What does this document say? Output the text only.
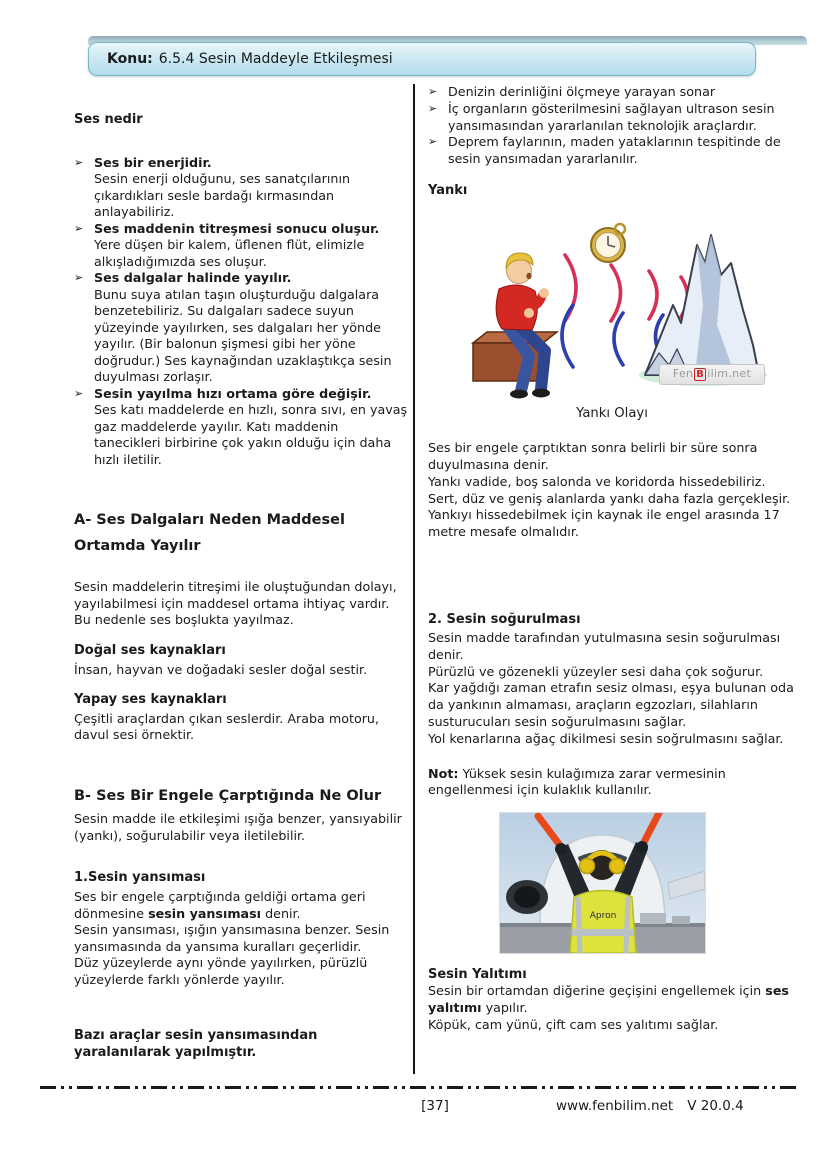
Konu: 6.5.4 Sesin Maddeyle Etkileşmesi

Ses nedir

➢ Ses bir enerjidir.
Sesin enerji olduğunu, ses sanatçılarının çıkardıkları sesle bardağı kırmasından anlayabiliriz.
➢ Ses maddenin titreşmesi sonucu oluşur.
Yere düşen bir kalem, üflenen flüt, elimizle alkışladığımızda ses oluşur.
➢ Ses dalgalar halinde yayılır.
Bunu suya atılan taşın oluşturduğu dalgalara benzetebiliriz. Su dalgaları sadece suyun yüzeyinde yayılırken, ses dalgaları her yönde yayılır. (Bir balonun şişmesi gibi her yöne doğrudur.) Ses kaynağından uzaklaştıkça sesin duyulması zorlaşır.
➢ Sesin yayılma hızı ortama göre değişir.
Ses katı maddelerde en hızlı, sonra sıvı, en yavaş gaz maddelerde yayılır. Katı maddenin tanecikleri birbirine çok yakın olduğu için daha hızlı iletilir.

A- Ses Dalgaları Neden Maddesel Ortamda Yayılır

Sesin maddelerin titreşimi ile oluştuğundan dolayı, yayılabilmesi için maddesel ortama ihtiyaç vardır. Bu nedenle ses boşlukta yayılmaz.

Doğal ses kaynakları

İnsan, hayvan ve doğadaki sesler doğal sestir.

Yapay ses kaynakları

Çeşitli araçlardan çıkan seslerdir. Araba motoru, davul sesi örnektir.

B- Ses Bir Engele Çarptığında Ne Olur

Sesin madde ile etkileşimi ışığa benzer, yansıyabilir (yankı), soğurulabilir veya iletilebilir.

1.Sesin yansıması

Ses bir engele çarptığında geldiği ortama geri dönmesine sesin yansıması denir.

Sesin yansıması, ışığın yansımasına benzer. Sesin yansımasında da yansıma kuralları geçerlidir.

Düz yüzeylerde aynı yönde yayılırken, pürüzlü yüzeylerde farklı yönlerde yayılır.

Bazı araçlar sesin yansımasından yaralanılarak yapılmıştır.

➢ Denizin derinliğini ölçmeye yarayan sonar
➢ İç organların gösterilmesini sağlayan ultrason sesin yansımasından yararlanılan teknolojik araçlardır.
➢ Deprem faylarının, maden yataklarının tespitinde de sesin yansımadan yararlanılır.

Yankı

Fen B ilim.net

Yankı Olayı

Ses bir engele çarptıktan sonra belirli bir süre sonra duyulmasına denir.

Yankı vadide, boş salonda ve koridorda hissedebiliriz.

Sert, düz ve geniş alanlarda yankı daha fazla gerçekleşir.

Yankıyı hissedebilmek için kaynak ile engel arasında 17 metre mesafe olmalıdır.

2. Sesin soğurulması

Sesin madde tarafından yutulmasına sesin soğurulması denir.

Pürüzlü ve gözenekli yüzeyler sesi daha çok soğurur.

Kar yağdığı zaman etrafın sesiz olması, eşya bulunan oda da yankının almaması, araçların egzozları, silahların susturucuları sesin soğurulmasını sağlar.

Yol kenarlarına ağaç dikilmesi sesin soğrulmasını sağlar.

Not: Yüksek sesin kulağımıza zarar vermesinin engellenmesi için kulaklık kullanılır.

Apron

Sesin Yalıtımı

Sesin bir ortamdan diğerine geçişini engellemek için ses yalıtımı yapılır.

Köpük, cam yünü, çift cam ses yalıtımı sağlar.

[37]	www.fenbilim.net V 20.0.4
